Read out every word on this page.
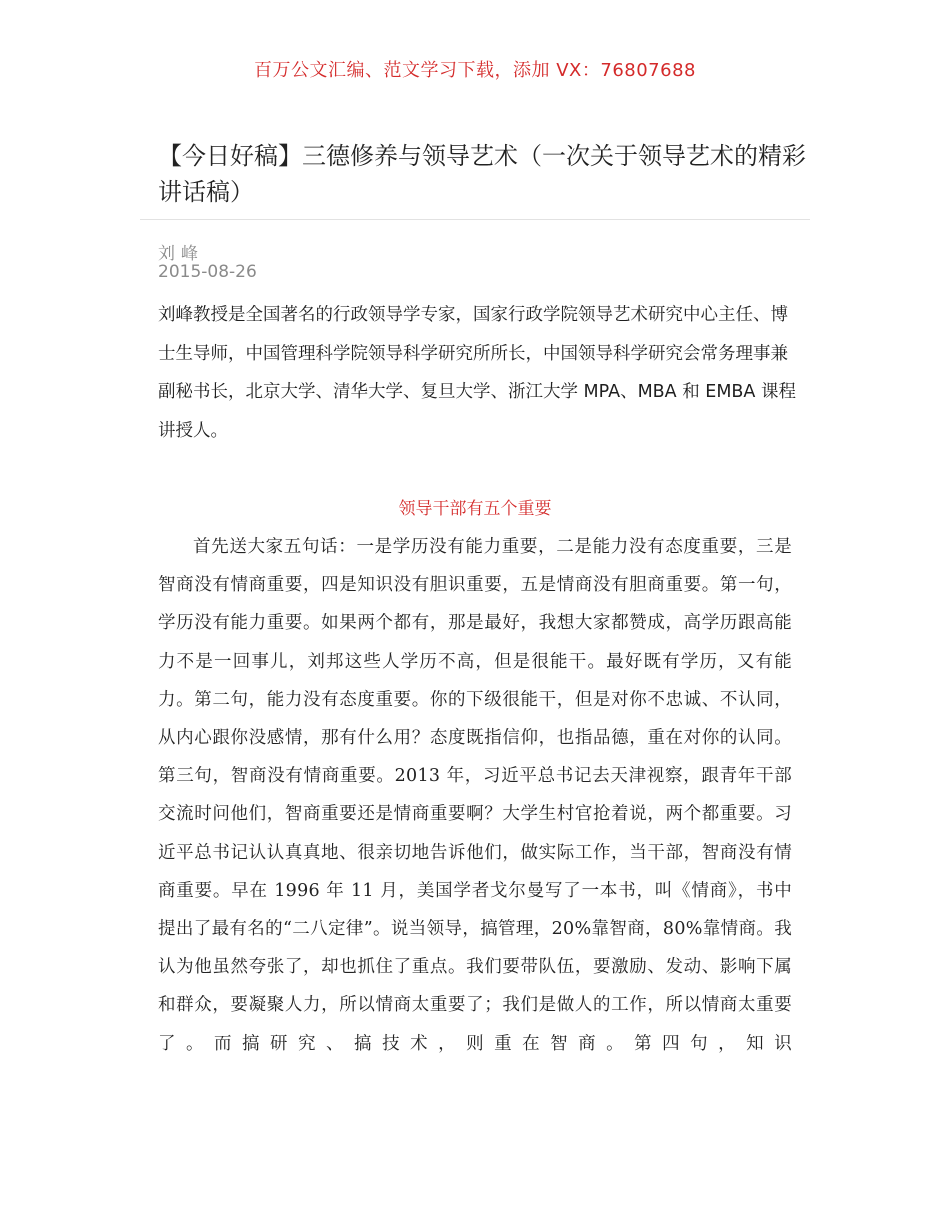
百万公文汇编、范文学习下载，添加 VX：76807688
【今日好稿】三德修养与领导艺术（一次关于领导艺术的精彩讲话稿）
刘峰
2015-08-26
刘峰教授是全国著名的行政领导学专家，国家行政学院领导艺术研究中心主任、博士生导师，中国管理科学院领导科学研究所所长，中国领导科学研究会常务理事兼副秘书长，北京大学、清华大学、复旦大学、浙江大学 MPA、MBA 和 EMBA 课程讲授人。
领导干部有五个重要

首先送大家五句话：一是学历没有能力重要，二是能力没有态度重要，三是智商没有情商重要，四是知识没有胆识重要，五是情商没有胆商重要。第一句，学历没有能力重要。如果两个都有，那是最好，我想大家都赞成，高学历跟高能力不是一回事儿，刘邦这些人学历不高，但是很能干。最好既有学历，又有能力。第二句，能力没有态度重要。你的下级很能干，但是对你不忠诚、不认同，从内心跟你没感情，那有什么用？态度既指信仰，也指品德，重在对你的认同。第三句，智商没有情商重要。2013 年，习近平总书记去天津视察，跟青年干部交流时问他们，智商重要还是情商重要啊？大学生村官抢着说，两个都重要。习近平总书记认认真真地、很亲切地告诉他们，做实际工作，当干部，智商没有情商重要。早在 1996 年 11 月，美国学者戈尔曼写了一本书，叫《情商》，书中提出了最有名的“二八定律”。说当领导，搞管理，20%靠智商，80%靠情商。我认为他虽然夸张了，却也抓住了重点。我们要带队伍，要激励、发动、影响下属和群众，要凝聚人力，所以情商太重要了；我们是做人的工作，所以情商太重要了。而搞研究、搞技术，则重在智商。第四句，知识
